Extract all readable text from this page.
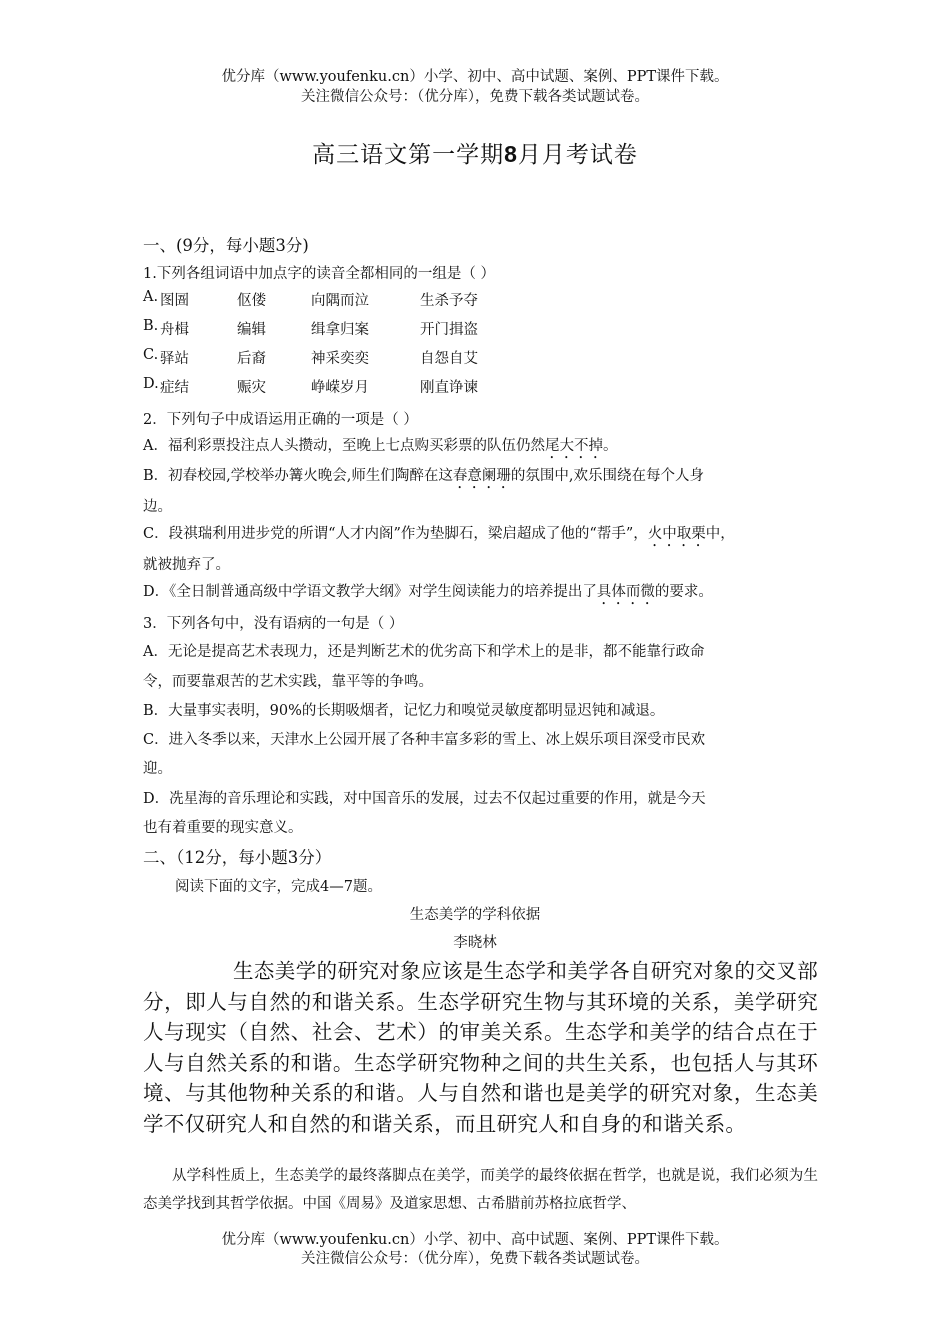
优分库（www.youfenku.cn）小学、初中、高中试题、案例、PPT课件下载。
关注微信公众号：（优分库），免费下载各类试题试卷。
高三语文第一学期8月月考试卷
一、(9分，每小题3分)
1.下列各组词语中加点字的读音全都相同的一组是（ ）
A. 图圄	伛偻	向隅而泣	生杀予夺
B. 舟楫	编辑	缉拿归案	开门揖盗
C. 驿站	后裔	神采奕奕	自怨自艾
D. 症结	赈灾	峥嵘岁月	刚直诤谏
2．下列句子中成语运用正确的一项是（ ）
A．福利彩票投注点人头攒动，至晚上七点购买彩票的队伍仍然尾大不掉。
B．初春校园,学校举办篝火晚会,师生们陶醉在这春意阑珊的氛围中,欢乐围绕在每个人身
边。
C．段祺瑞利用进步党的所谓“人才内阁”作为垫脚石，梁启超成了他的“帮手”，火中取栗中，
就被抛弃了。
D．《全日制普通高级中学语文教学大纲》对学生阅读能力的培养提出了具体而微的要求。
3．下列各句中，没有语病的一句是（ ）
A．无论是提高艺术表现力，还是判断艺术的优劣高下和学术上的是非，都不能靠行政命
令，而要靠艰苦的艺术实践，靠平等的争鸣。
B．大量事实表明，90%的长期吸烟者，记忆力和嗅觉灵敏度都明显迟钝和减退。
C．进入冬季以来，天津水上公园开展了各种丰富多彩的雪上、冰上娱乐项目深受市民欢
迎。
D．冼星海的音乐理论和实践，对中国音乐的发展，过去不仅起过重要的作用，就是今天
也有着重要的现实意义。
二、（12分，每小题3分）
阅读下面的文字，完成4—7题。
生态美学的学科依据
李晓林

生态美学的研究对象应该是生态学和美学各自研究对象的交叉部分，即人与自然的和谐关系。生态学研究生物与其环境的关系，美学研究人与现实（自然、社会、艺术）的审美关系。生态学和美学的结合点在于人与自然关系的和谐。生态学研究物种之间的共生关系，也包括人与其环境、与其他物种关系的和谐。人与自然和谐也是美学的研究对象，生态美学不仅研究人和自然的和谐关系，而且研究人和自身的和谐关系。

从学科性质上，生态美学的最终落脚点在美学，而美学的最终依据在哲学，也就是说，我们必须为生态美学找到其哲学依据。中国《周易》及道家思想、古希腊前苏格拉底哲学、

优分库（www.youfenku.cn）小学、初中、高中试题、案例、PPT课件下载。
关注微信公众号：（优分库），免费下载各类试题试卷。
